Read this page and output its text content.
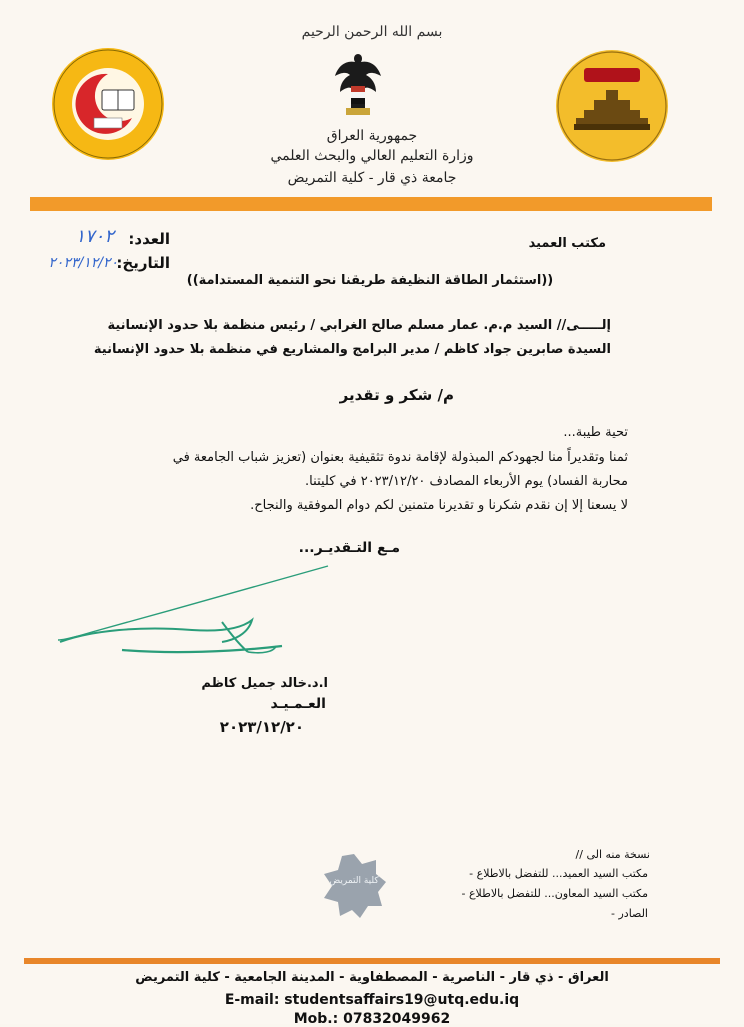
بسم الله الرحمن الرحيم
جمهورية العراق
وزارة التعليم العالي والبحث العلمي
جامعة ذي قار - كلية التمريض
مكتب العميد
العدد:
١٧٠٢
التاريخ:
٢٠٢٣/١٢/٢٠
((استثمار الطاقة النظيفة طريقنا نحو التنمية المستدامة))
إلـــــى// السيد م.م. عمار مسلم صالح الغرابي / رئيس منظمة بلا حدود الإنسانية
السيدة صابرين جواد كاظم / مدير البرامج والمشاريع في منظمة بلا حدود الإنسانية
م/ شكر و تقدير
تحية طيبة...
ثمنا وتقديراً منا لجهودكم المبذولة لإقامة ندوة تثقيفية بعنوان (تعزيز شباب الجامعة في
محاربة الفساد) يوم الأربعاء المصادف ٢٠٢٣/١٢/٢٠ في كليتنا.
لا يسعنا إلا إن نقدم شكرنا و تقديرنا متمنين لكم دوام الموفقية والنجاح.
مـع التـقديـر...
ا.د.خالد جميل كاظم
العـمـيـد
٢٠٢٣/١٢/٢٠
نسخة منه الى //
مكتب السيد العميد... للتفضل بالاطلاع -
مكتب السيد المعاون... للتفضل بالاطلاع -
الصادر -
كلية التمريض
العراق - ذي قار - الناصرية - المصطفاوية - المدينة الجامعية - كلية التمريض
E-mail: studentsaffairs19@utq.edu.iq
Mob.: 07832049962
